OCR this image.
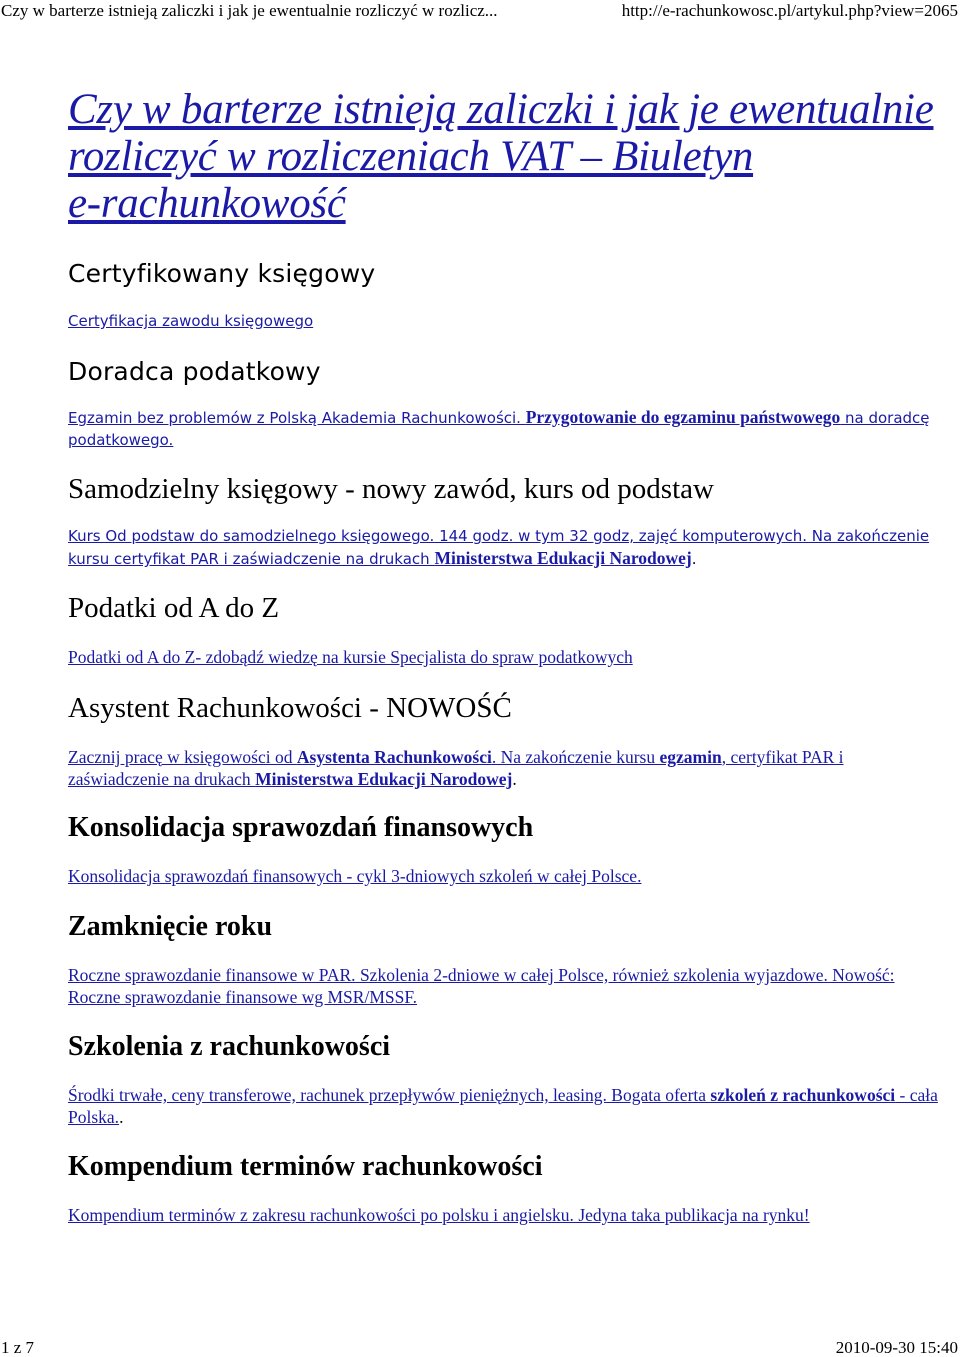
Czy w barterze istnieją zaliczki i jak je ewentualnie rozliczyć w rozlicz...	http://e-rachunkowosc.pl/artykul.php?view=2065
Czy w barterze istnieją zaliczki i jak je ewentualnie
rozliczyć w rozliczeniach VAT – Biuletyn
e-rachunkowość
Certyfikowany księgowy

Certyfikacja zawodu księgowego

Doradca podatkowy

Egzamin bez problemów z Polską Akademia Rachunkowości. Przygotowanie do egzaminu państwowego na doradcę podatkowego.

Samodzielny księgowy - nowy zawód, kurs od podstaw

Kurs Od podstaw do samodzielnego księgowego. 144 godz. w tym 32 godz, zajęć komputerowych. Na zakończenie kursu certyfikat PAR i zaświadczenie na drukach Ministerstwa Edukacji Narodowej.

Podatki od A do Z

Podatki od A do Z- zdobądź wiedzę na kursie Specjalista do spraw podatkowych

Asystent Rachunkowości - NOWOŚĆ

Zacznij pracę w księgowości od Asystenta Rachunkowości. Na zakończenie kursu egzamin, certyfikat PAR i zaświadczenie na drukach Ministerstwa Edukacji Narodowej.

Konsolidacja sprawozdań finansowych

Konsolidacja sprawozdań finansowych - cykl 3-dniowych szkoleń w całej Polsce.

Zamknięcie roku

Roczne sprawozdanie finansowe w PAR. Szkolenia 2-dniowe w całej Polsce, również szkolenia wyjazdowe. Nowość: Roczne sprawozdanie finansowe wg MSR/MSSF.

Szkolenia z rachunkowości

Środki trwałe, ceny transferowe, rachunek przepływów pieniężnych, leasing. Bogata oferta szkoleń z rachunkowości - cała Polska..

Kompendium terminów rachunkowości

Kompendium terminów z zakresu rachunkowości po polsku i angielsku. Jedyna taka publikacja na rynku!

1 z 7	2010-09-30 15:40
